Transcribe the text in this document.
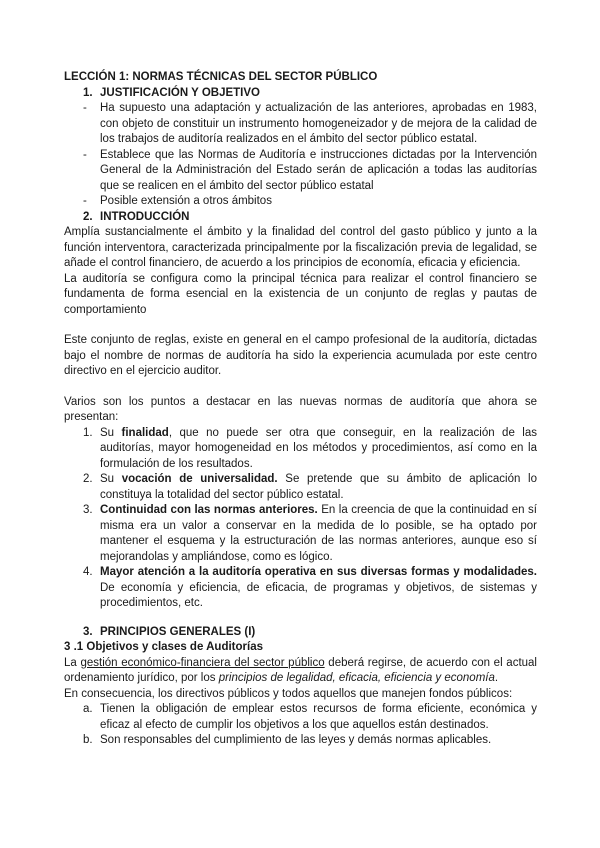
LECCIÓN 1: NORMAS TÉCNICAS DEL SECTOR PÚBLICO

1. JUSTIFICACIÓN Y OBJETIVO
-	Ha supuesto una adaptación y actualización de las anteriores, aprobadas en 1983, con objeto de constituir un instrumento homogeneizador y de mejora de la calidad de los trabajos de auditoría realizados en el ámbito del sector público estatal.
-	Establece que las Normas de Auditoría e instrucciones dictadas por la Intervención General de la Administración del Estado serán de aplicación a todas las auditorías que se realicen en el ámbito del sector público estatal
-	Posible extensión a otros ámbitos
2. INTRODUCCIÓN

Amplía sustancialmente el ámbito y la finalidad del control del gasto público y junto a la función interventora, caracterizada principalmente por la fiscalización previa de legalidad, se añade el control financiero, de acuerdo a los principios de economía, eficacia y eficiencia.

La auditoría se configura como la principal técnica para realizar el control financiero se fundamenta de forma esencial en la existencia de un conjunto de reglas y pautas de comportamiento

Este conjunto de reglas, existe en general en el campo profesional de la auditoría, dictadas bajo el nombre de normas de auditoría ha sido la experiencia acumulada por este centro directivo en el ejercicio auditor.

Varios son los puntos a destacar en las nuevas normas de auditoría que ahora se presentan:

1. Su finalidad, que no puede ser otra que conseguir, en la realización de las auditorías, mayor homogeneidad en los métodos y procedimientos, así como en la formulación de los resultados.
2. Su vocación de universalidad. Se pretende que su ámbito de aplicación lo constituya la totalidad del sector público estatal.
3. Continuidad con las normas anteriores. En la creencia de que la continuidad en sí misma era un valor a conservar en la medida de lo posible, se ha optado por mantener el esquema y la estructuración de las normas anteriores, aunque eso sí mejorandolas y ampliándose, como es lógico.
4. Mayor atención a la auditoría operativa en sus diversas formas y modalidades. De economía y eficiencia, de eficacia, de programas y objetivos, de sistemas y procedimientos, etc.
3. PRINCIPIOS GENERALES (I)

3 .1 Objetivos y clases de Auditorías

La gestión económico-financiera del sector público deberá regirse, de acuerdo con el actual ordenamiento jurídico, por los principios de legalidad, eficacia, eficiencia y economía.

En consecuencia, los directivos públicos y todos aquellos que manejen fondos públicos:

a. Tienen la obligación de emplear estos recursos de forma eficiente, económica y eficaz al efecto de cumplir los objetivos a los que aquellos están destinados.
b. Son responsables del cumplimiento de las leyes y demás normas aplicables.
